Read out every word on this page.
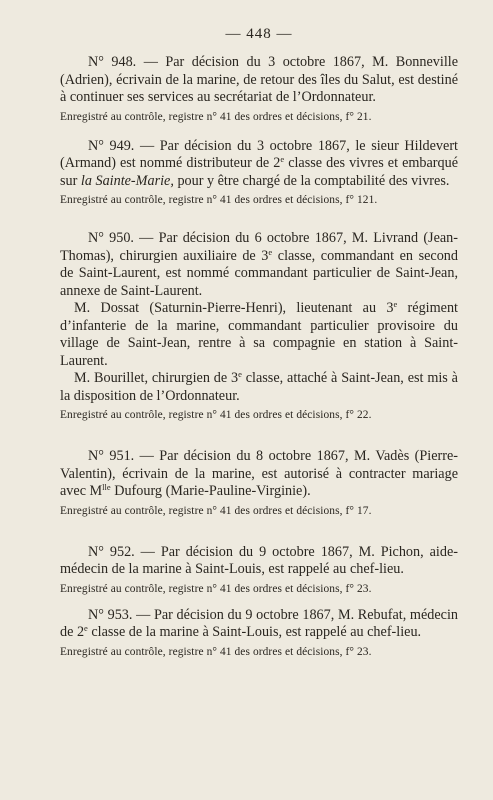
— 448 —

N° 948. — Par décision du 3 octobre 1867, M. Bonneville (Adrien), écrivain de la marine, de retour des îles du Salut, est destiné à continuer ses services au secrétariat de l’Ordonnateur.

Enregistré au contrôle, registre n° 41 des ordres et décisions, f° 21.

N° 949. — Par décision du 3 octobre 1867, le sieur Hildevert (Armand) est nommé distributeur de 2e classe des vivres et embarqué sur la Sainte-Marie, pour y être chargé de la comptabilité des vivres.

Enregistré au contrôle, registre n° 41 des ordres et décisions, f° 121.

N° 950. — Par décision du 6 octobre 1867, M. Livrand (Jean-Thomas), chirurgien auxiliaire de 3e classe, commandant en second de Saint-Laurent, est nommé commandant particulier de Saint-Jean, annexe de Saint-Laurent.

M. Dossat (Saturnin-Pierre-Henri), lieutenant au 3e régiment d’infanterie de la marine, commandant particulier provisoire du village de Saint-Jean, rentre à sa compagnie en station à Saint-Laurent.

M. Bourillet, chirurgien de 3e classe, attaché à Saint-Jean, est mis à la disposition de l’Ordonnateur.

Enregistré au contrôle, registre n° 41 des ordres et décisions, f° 22.

N° 951. — Par décision du 8 octobre 1867, M. Vadès (Pierre-Valentin), écrivain de la marine, est autorisé à contracter mariage avec $M^{lle}$ Dufourg (Marie-Pauline-Virginie).

Enregistré au contrôle, registre n° 41 des ordres et décisions, f° 17.

N° 952. — Par décision du 9 octobre 1867, M. Pichon, aide-médecin de la marine à Saint-Louis, est rappelé au chef-lieu.

Enregistré au contrôle, registre n° 41 des ordres et décisions, f° 23.

N° 953. — Par décision du 9 octobre 1867, M. Rebufat, médecin de 2e classe de la marine à Saint-Louis, est rappelé au chef-lieu.

Enregistré au contrôle, registre n° 41 des ordres et décisions, f° 23.
